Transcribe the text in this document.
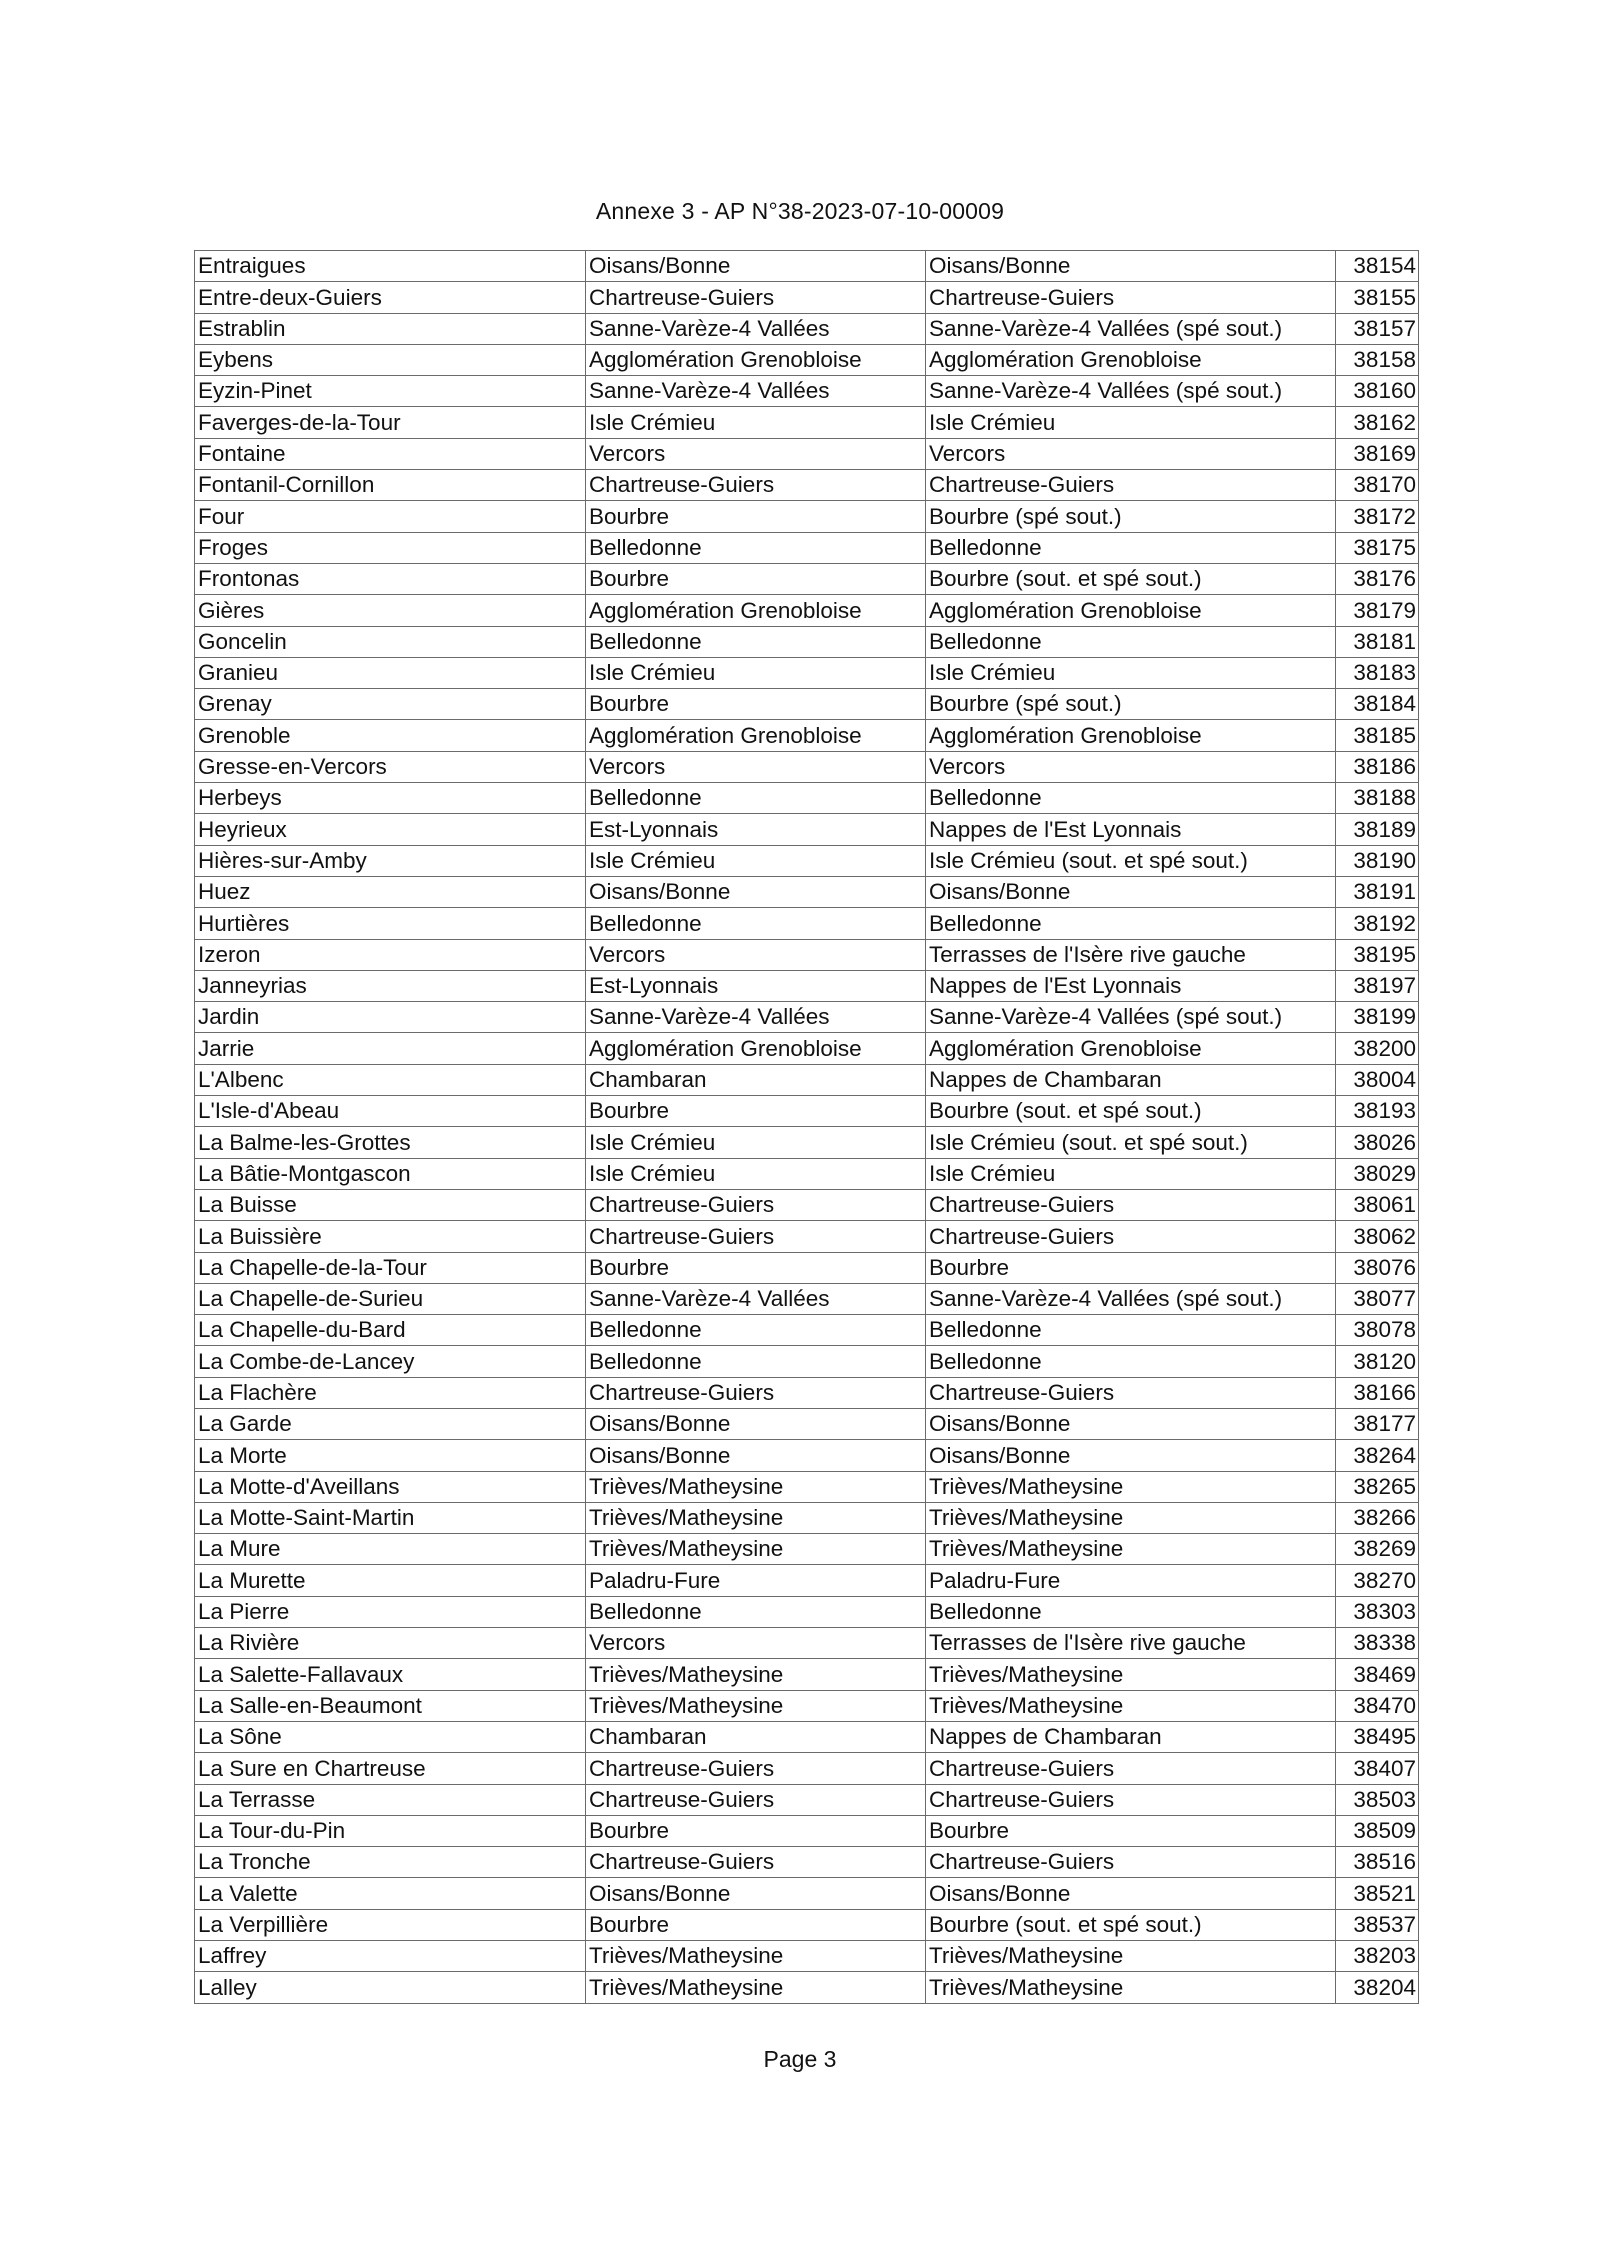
Annexe 3 - AP N°38-2023-07-10-00009
Entraigues	Oisans/Bonne	Oisans/Bonne	38154
Entre-deux-Guiers	Chartreuse-Guiers	Chartreuse-Guiers	38155
Estrablin	Sanne-Varèze-4 Vallées	Sanne-Varèze-4 Vallées (spé sout.)	38157
Eybens	Agglomération Grenobloise	Agglomération Grenobloise	38158
Eyzin-Pinet	Sanne-Varèze-4 Vallées	Sanne-Varèze-4 Vallées (spé sout.)	38160
Faverges-de-la-Tour	Isle Crémieu	Isle Crémieu	38162
Fontaine	Vercors	Vercors	38169
Fontanil-Cornillon	Chartreuse-Guiers	Chartreuse-Guiers	38170
Four	Bourbre	Bourbre (spé sout.)	38172
Froges	Belledonne	Belledonne	38175
Frontonas	Bourbre	Bourbre (sout. et spé sout.)	38176
Gières	Agglomération Grenobloise	Agglomération Grenobloise	38179
Goncelin	Belledonne	Belledonne	38181
Granieu	Isle Crémieu	Isle Crémieu	38183
Grenay	Bourbre	Bourbre (spé sout.)	38184
Grenoble	Agglomération Grenobloise	Agglomération Grenobloise	38185
Gresse-en-Vercors	Vercors	Vercors	38186
Herbeys	Belledonne	Belledonne	38188
Heyrieux	Est-Lyonnais	Nappes de l'Est Lyonnais	38189
Hières-sur-Amby	Isle Crémieu	Isle Crémieu (sout. et spé sout.)	38190
Huez	Oisans/Bonne	Oisans/Bonne	38191
Hurtières	Belledonne	Belledonne	38192
Izeron	Vercors	Terrasses de l'Isère rive gauche	38195
Janneyrias	Est-Lyonnais	Nappes de l'Est Lyonnais	38197
Jardin	Sanne-Varèze-4 Vallées	Sanne-Varèze-4 Vallées (spé sout.)	38199
Jarrie	Agglomération Grenobloise	Agglomération Grenobloise	38200
L'Albenc	Chambaran	Nappes de Chambaran	38004
L'Isle-d'Abeau	Bourbre	Bourbre (sout. et spé sout.)	38193
La Balme-les-Grottes	Isle Crémieu	Isle Crémieu (sout. et spé sout.)	38026
La Bâtie-Montgascon	Isle Crémieu	Isle Crémieu	38029
La Buisse	Chartreuse-Guiers	Chartreuse-Guiers	38061
La Buissière	Chartreuse-Guiers	Chartreuse-Guiers	38062
La Chapelle-de-la-Tour	Bourbre	Bourbre	38076
La Chapelle-de-Surieu	Sanne-Varèze-4 Vallées	Sanne-Varèze-4 Vallées (spé sout.)	38077
La Chapelle-du-Bard	Belledonne	Belledonne	38078
La Combe-de-Lancey	Belledonne	Belledonne	38120
La Flachère	Chartreuse-Guiers	Chartreuse-Guiers	38166
La Garde	Oisans/Bonne	Oisans/Bonne	38177
La Morte	Oisans/Bonne	Oisans/Bonne	38264
La Motte-d'Aveillans	Trièves/Matheysine	Trièves/Matheysine	38265
La Motte-Saint-Martin	Trièves/Matheysine	Trièves/Matheysine	38266
La Mure	Trièves/Matheysine	Trièves/Matheysine	38269
La Murette	Paladru-Fure	Paladru-Fure	38270
La Pierre	Belledonne	Belledonne	38303
La Rivière	Vercors	Terrasses de l'Isère rive gauche	38338
La Salette-Fallavaux	Trièves/Matheysine	Trièves/Matheysine	38469
La Salle-en-Beaumont	Trièves/Matheysine	Trièves/Matheysine	38470
La Sône	Chambaran	Nappes de Chambaran	38495
La Sure en Chartreuse	Chartreuse-Guiers	Chartreuse-Guiers	38407
La Terrasse	Chartreuse-Guiers	Chartreuse-Guiers	38503
La Tour-du-Pin	Bourbre	Bourbre	38509
La Tronche	Chartreuse-Guiers	Chartreuse-Guiers	38516
La Valette	Oisans/Bonne	Oisans/Bonne	38521
La Verpillière	Bourbre	Bourbre (sout. et spé sout.)	38537
Laffrey	Trièves/Matheysine	Trièves/Matheysine	38203
Lalley	Trièves/Matheysine	Trièves/Matheysine	38204
Page 3
